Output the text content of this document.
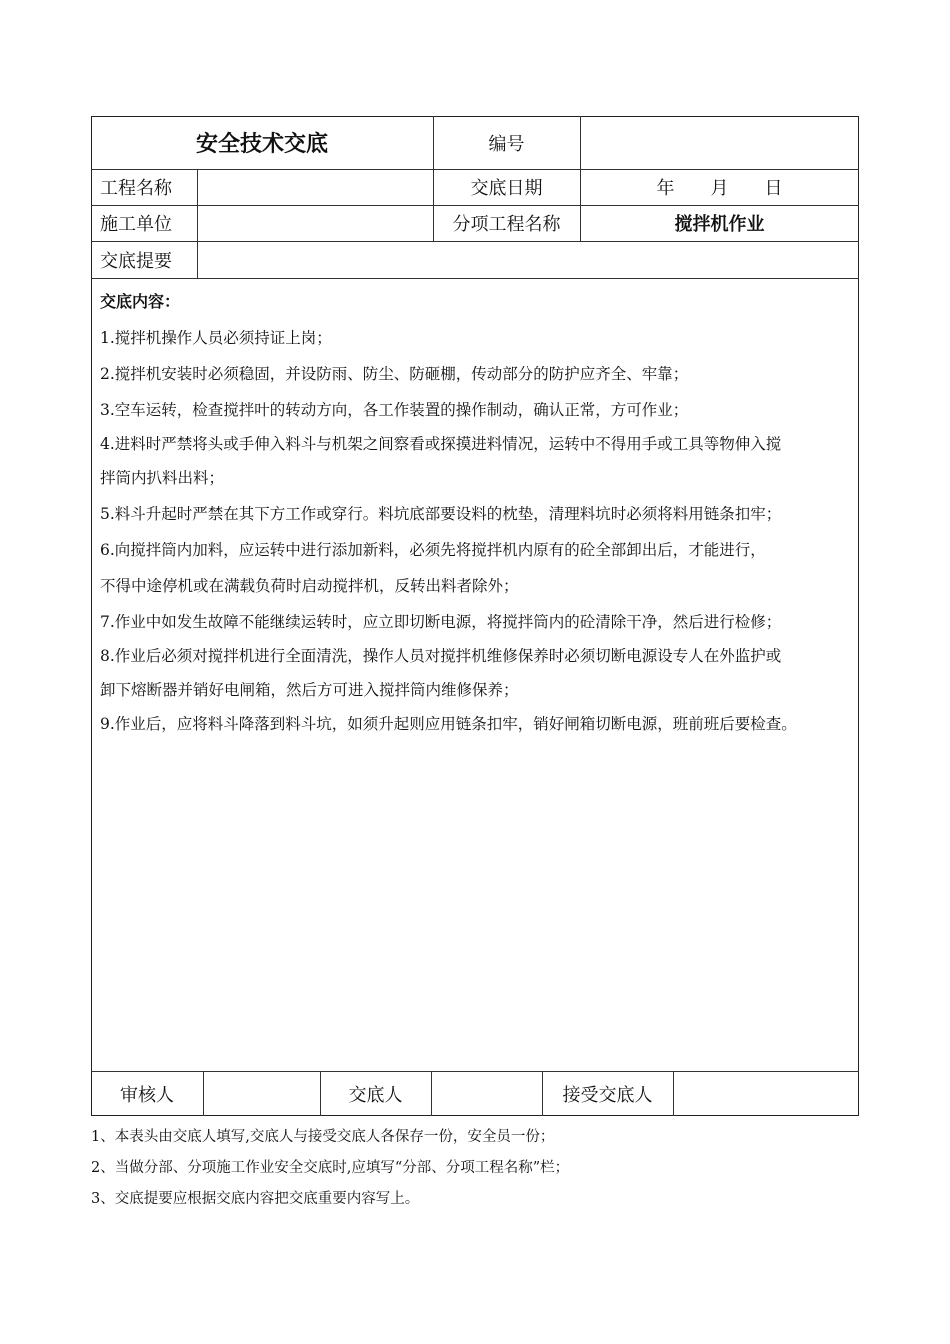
安全技术交底	编号
工程名称	交底日期	年　　月　　日
施工单位	分项工程名称	搅拌机作业
交底提要

交底内容：

1.搅拌机操作人员必须持证上岗；

2.搅拌机安装时必须稳固，并设防雨、防尘、防砸棚，传动部分的防护应齐全、牢靠；

3.空车运转，检查搅拌叶的转动方向，各工作装置的操作制动，确认正常，方可作业；

4.进料时严禁将头或手伸入料斗与机架之间察看或探摸进料情况，运转中不得用手或工具等物伸入搅

拌筒内扒料出料；

5.料斗升起时严禁在其下方工作或穿行。料坑底部要设料的枕垫，清理料坑时必须将料用链条扣牢；

6.向搅拌筒内加料，应运转中进行添加新料，必须先将搅拌机内原有的砼全部卸出后，才能进行，

不得中途停机或在满载负荷时启动搅拌机，反转出料者除外；

7.作业中如发生故障不能继续运转时，应立即切断电源，将搅拌筒内的砼清除干净，然后进行检修；

8.作业后必须对搅拌机进行全面清洗，操作人员对搅拌机维修保养时必须切断电源设专人在外监护或

卸下熔断器并销好电闸箱，然后方可进入搅拌筒内维修保养；

9.作业后，应将料斗降落到料斗坑，如须升起则应用链条扣牢，销好闸箱切断电源，班前班后要检查。

审核人	交底人	接受交底人

1、本表头由交底人填写,交底人与接受交底人各保存一份，安全员一份；

2、当做分部、分项施工作业安全交底时,应填写“分部、分项工程名称”栏；

3、交底提要应根据交底内容把交底重要内容写上。
